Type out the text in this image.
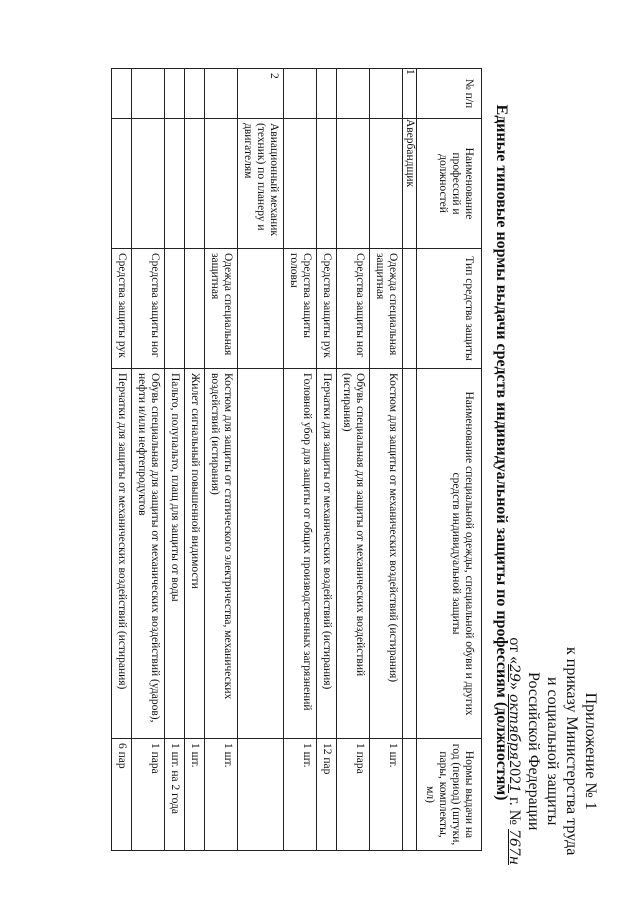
Приложение № 1
к приказу Министерства труда
и социальной защиты
Российской Федерации
от «29» октября2021 г. № 767н
Единые типовые нормы выдачи средств индивидуальной защиты по профессиям (должностям)
№ п/п	Наименование профессий и должностей	Тип средства защиты	Наименование специальной одежды, специальной обуви и других средств индивидуальной защиты	Нормы выдачи на год (период) (штуки, пары, комплекты, мл)
1	Авербандщик			
		Одежда специальная защитная	Костюм для защиты от механических воздействий (истирания)	1 шт.
		Средства защиты ног	Обувь специальная для защиты от механических воздействий (истирания)	1 пара
		Средства защиты рук	Перчатки для защиты от механических воздействий (истирания)	12 пар
		Средства защиты головы	Головной убор для защиты от общих производственных загрязнений	1 шт.
2	Авиационный механик (техник) по планеру и двигателям			
		Одежда специальная защитная	Костюм для защиты от статического электричества, механических воздействий (истирания)	1 шт.
			Жилет сигнальный повышенной видимости	1 шт.
			Пальто, полупальто, плащ для защиты от воды	1 шт. на 2 года
		Средства защиты ног	Обувь специальная для защиты от механических воздействий (ударов), нефти и/или нефтепродуктов	1 пара
		Средства защиты рук	Перчатки для защиты от механических воздействий (истирания)	6 пар
